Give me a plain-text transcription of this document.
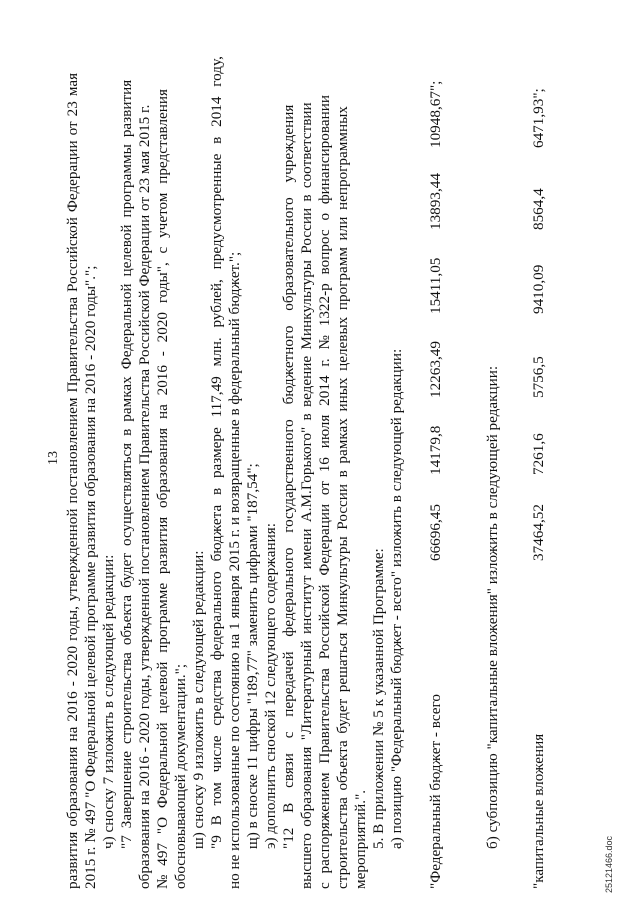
13 развития образования на 2016 - 2020 годы, утвержденной постановлением Правительства Российской Федерации от 23 мая 2015 г. № 497 "О Федеральной целевой программе развития образования на 2016 - 2020 годы"."; ч) сноску 7 изложить в следующей редакции: "7 Завершение строительства объекта будет осуществляться в рамках Федеральной целевой программы развития образования на 2016 - 2020 годы, утвержденной постановлением Правительства Российской Федерации от 23 мая 2015 г. № 497 "О Федеральной целевой программе развития образования на 2016 - 2020 годы", с учетом представления обосновывающей документации."; ш) сноску 9 изложить в следующей редакции: "9 В том числе средства федерального бюджета в размере 117,49 млн. рублей, предусмотренные в 2014 году, но не использованные по состоянию на 1 января 2015 г. и возвращенные в федеральный бюджет."; щ) в сноске 11 цифры "189,77" заменить цифрами "187,54"; э) дополнить сноской 12 следующего содержания: "12 В связи с передачей федерального государственного бюджетного образовательного учреждения высшего образования "Литературный институт имени А.М.Горького" в ведение Минкультуры России в соответствии с распоряжением Правительства Российской Федерации от 16 июля 2014 г. № 1322-р вопрос о финансировании строительства объекта будет решаться Минкультуры России в рамках иных целевых программ или непрограммных мероприятий.". 5. В приложении № 5 к указанной Программе: а) позицию "Федеральный бюджет - всего" изложить в следующей редакции: "Федеральный бюджет - всего
66696,45
14179,8
12263,49
15411,05
13893,44
10948,67";
б) субпозицию "капитальные вложения" изложить в следующей редакции: "капитальные вложения
37464,52
7261,6
5756,5
9410,09
8564,4
6471,93";
25121466.doc
